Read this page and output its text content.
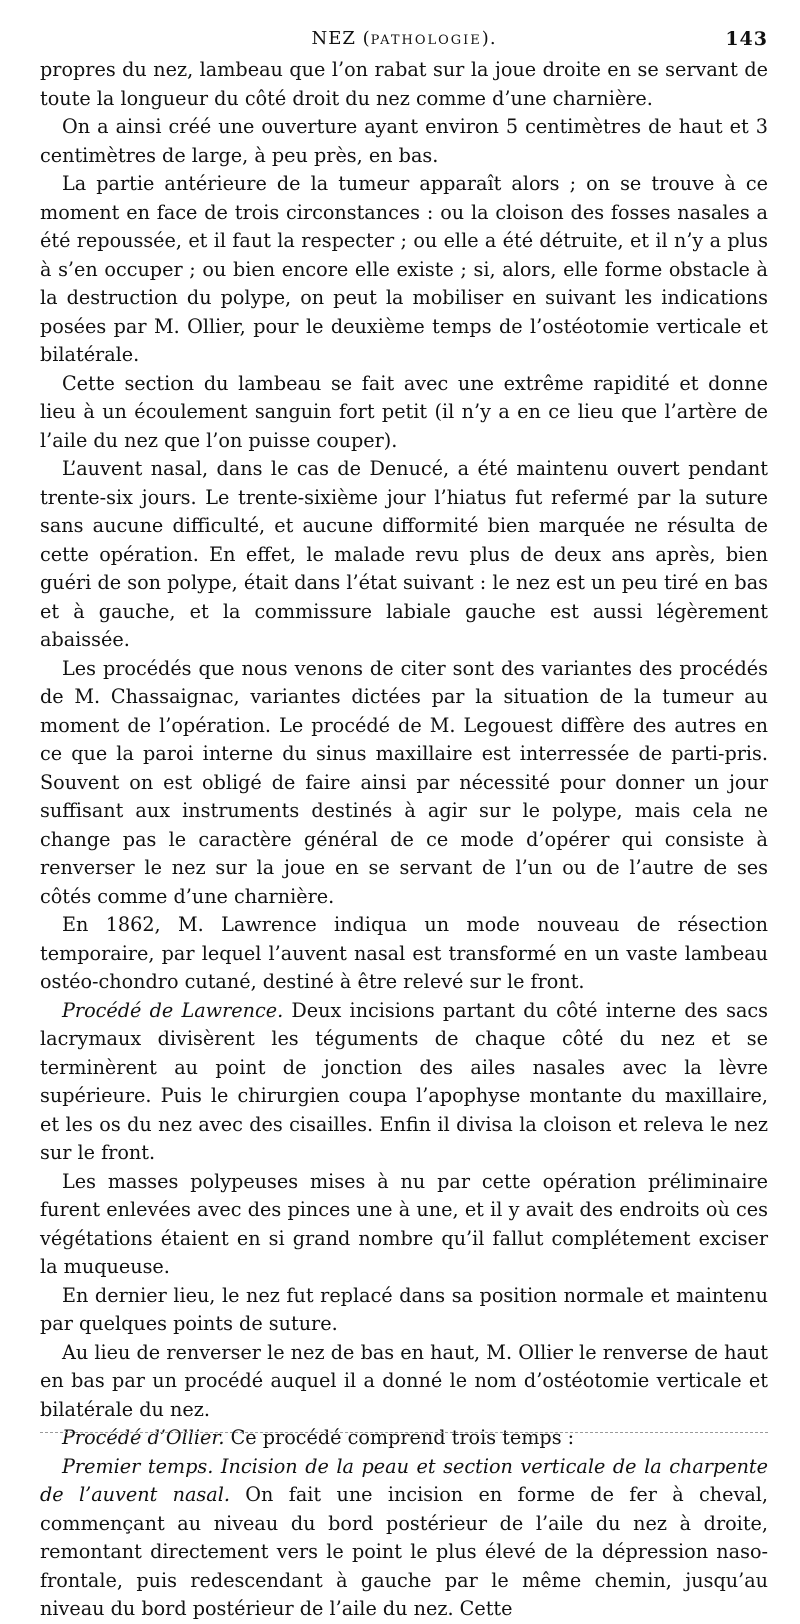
NEZ (PATHOLOGIE).	143

propres du nez, lambeau que l’on rabat sur la joue droite en se servant de toute la longueur du côté droit du nez comme d’une charnière.

On a ainsi créé une ouverture ayant environ 5 centimètres de haut et 3 centimètres de large, à peu près, en bas.

La partie antérieure de la tumeur apparaît alors ; on se trouve à ce moment en face de trois circonstances : ou la cloison des fosses nasales a été repoussée, et il faut la respecter ; ou elle a été détruite, et il n’y a plus à s’en occuper ; ou bien encore elle existe ; si, alors, elle forme obstacle à la destruction du polype, on peut la mobiliser en suivant les indications posées par M. Ollier, pour le deuxième temps de l’ostéotomie verticale et bilatérale.

Cette section du lambeau se fait avec une extrême rapidité et donne lieu à un écoulement sanguin fort petit (il n’y a en ce lieu que l’artère de l’aile du nez que l’on puisse couper).

L’auvent nasal, dans le cas de Denucé, a été maintenu ouvert pendant trente-six jours. Le trente-sixième jour l’hiatus fut refermé par la suture sans aucune difficulté, et aucune difformité bien marquée ne résulta de cette opération. En effet, le malade revu plus de deux ans après, bien guéri de son polype, était dans l’état suivant : le nez est un peu tiré en bas et à gauche, et la commissure labiale gauche est aussi légèrement abaissée.

Les procédés que nous venons de citer sont des variantes des procédés de M. Chassaignac, variantes dictées par la situation de la tumeur au moment de l’opération. Le procédé de M. Legouest diffère des autres en ce que la paroi interne du sinus maxillaire est interressée de parti-pris. Souvent on est obligé de faire ainsi par nécessité pour donner un jour suffisant aux instruments destinés à agir sur le polype, mais cela ne change pas le caractère général de ce mode d’opérer qui consiste à renverser le nez sur la joue en se servant de l’un ou de l’autre de ses côtés comme d’une charnière.

En 1862, M. Lawrence indiqua un mode nouveau de résection temporaire, par lequel l’auvent nasal est transformé en un vaste lambeau ostéo-chondro cutané, destiné à être relevé sur le front.

Procédé de Lawrence. Deux incisions partant du côté interne des sacs lacrymaux divisèrent les téguments de chaque côté du nez et se terminèrent au point de jonction des ailes nasales avec la lèvre supérieure. Puis le chirurgien coupa l’apophyse montante du maxillaire, et les os du nez avec des cisailles. Enfin il divisa la cloison et releva le nez sur le front.

Les masses polypeuses mises à nu par cette opération préliminaire furent enlevées avec des pinces une à une, et il y avait des endroits où ces végétations étaient en si grand nombre qu’il fallut complétement exciser la muqueuse.

En dernier lieu, le nez fut replacé dans sa position normale et maintenu par quelques points de suture.

Au lieu de renverser le nez de bas en haut, M. Ollier le renverse de haut en bas par un procédé auquel il a donné le nom d’ostéotomie verticale et bilatérale du nez.

Procédé d’Ollier. Ce procédé comprend trois temps :

Premier temps. Incision de la peau et section verticale de la charpente de l’auvent nasal. On fait une incision en forme de fer à cheval, commençant au niveau du bord postérieur de l’aile du nez à droite, remontant directement vers le point le plus élevé de la dépression naso-frontale, puis redescendant à gauche par le même chemin, jusqu’au niveau du bord postérieur de l’aile du nez. Cette
